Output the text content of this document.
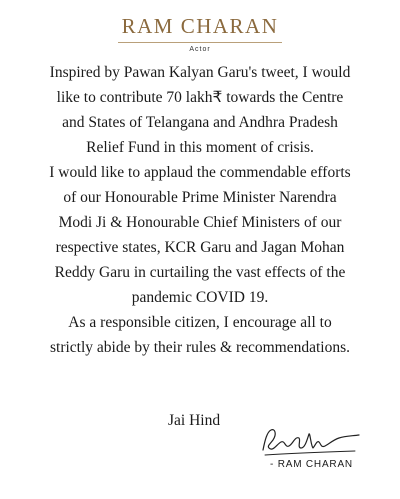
RAM CHARAN
Actor
Inspired by Pawan Kalyan Garu's tweet, I would
like to contribute 70 lakh₹ towards the Centre
and States of Telangana and Andhra Pradesh
Relief Fund in this moment of crisis.
I would like to applaud the commendable efforts
of our Honourable Prime Minister Narendra
Modi Ji & Honourable Chief Ministers of our
respective states, KCR Garu and Jagan Mohan
Reddy Garu in curtailing the vast effects of the
pandemic COVID 19.
As a responsible citizen, I encourage all to
strictly abide by their rules & recommendations.
Jai Hind
- RAM CHARAN
